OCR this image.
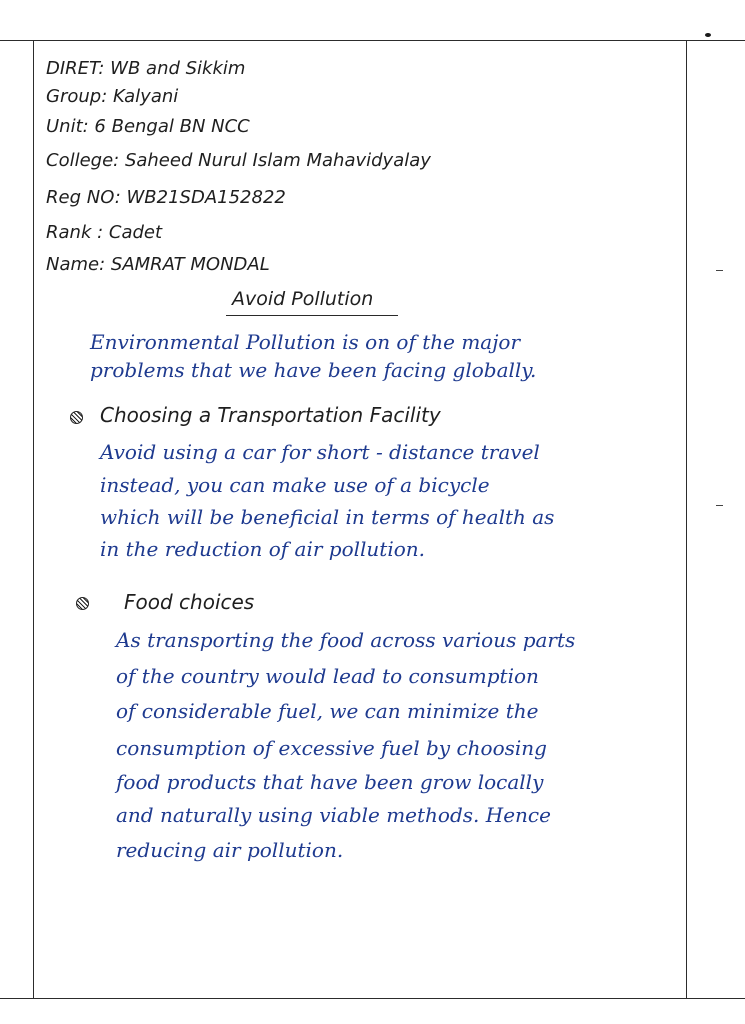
DIRET: WB and Sikkim
Group: Kalyani
Unit: 6 Bengal BN NCC
College: Saheed Nurul Islam Mahavidyalay
Reg NO: WB21SDA152822
Rank : Cadet
Name: SAMRAT MONDAL
Avoid Pollution
Environmental Pollution is on of the major
problems that we have been facing globally.
Choosing a Transportation Facility
Avoid using a car for short - distance travel
instead, you can make use of a bicycle
which will be beneficial in terms of health as
in the reduction of air pollution.
Food choices
As transporting the food across various parts
of the country would lead to consumption
of considerable fuel, we can minimize the
consumption of excessive fuel by choosing
food products that have been grow locally
and naturally using viable methods. Hence
reducing air pollution.
